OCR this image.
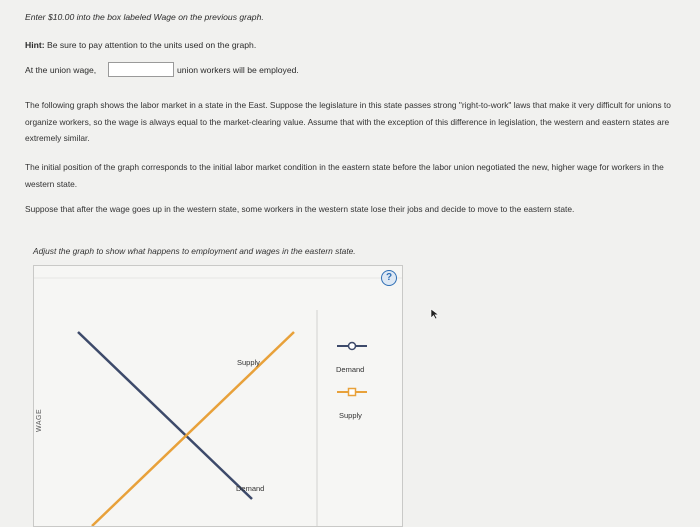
Enter $10.00 into the box labeled Wage on the previous graph.
Hint: Be sure to pay attention to the units used on the graph.
At the union wage,	union workers will be employed.
The following graph shows the labor market in a state in the East. Suppose the legislature in this state passes strong "right-to-work" laws that make it very difficult for unions to organize workers, so the wage is always equal to the market-clearing value. Assume that with the exception of this difference in legislation, the western and eastern states are extremely similar.
The initial position of the graph corresponds to the initial labor market condition in the eastern state before the labor union negotiated the new, higher wage for workers in the western state.
Suppose that after the wage goes up in the western state, some workers in the western state lose their jobs and decide to move to the eastern state.
Adjust the graph to show what happens to employment and wages in the eastern state.
Supply
Demand
Demand
Supply
?
WAGE
